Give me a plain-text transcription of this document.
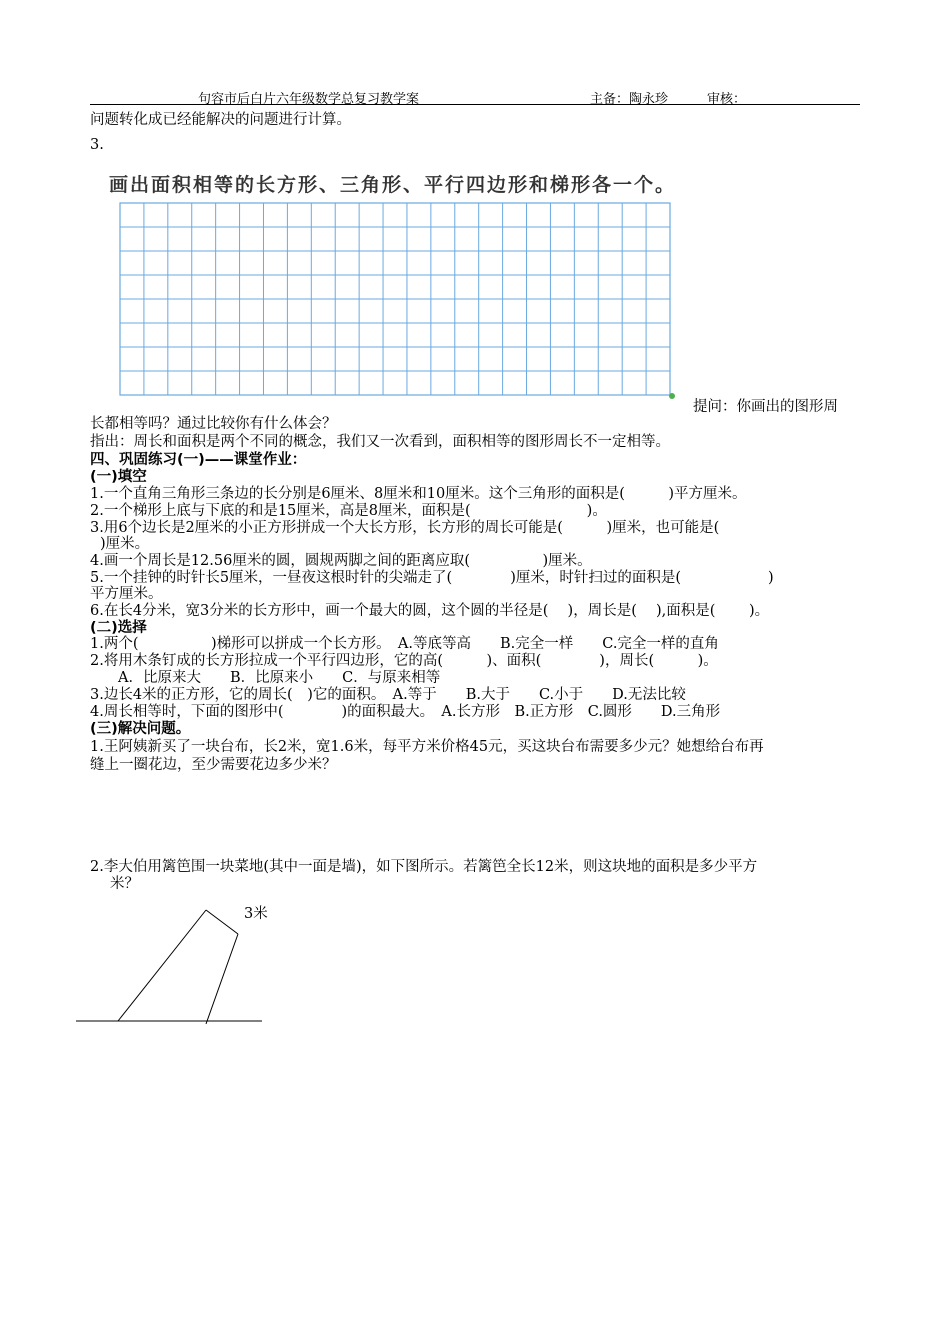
句容市后白片六年级数学总复习教学案	主备：陶永珍	审核：
问题转化成已经能解决的问题进行计算。
3.
画出面积相等的长方形、三角形、平行四边形和梯形各一个。
提问：你画出的图形周
长都相等吗？通过比较你有什么体会？
指出：周长和面积是两个不同的概念，我们又一次看到，面积相等的图形周长不一定相等。
四、巩固练习(一)——课堂作业：
(一)填空
1.一个直角三角形三条边的长分别是6厘米、8厘米和10厘米。这个三角形的面积是(　　　)平方厘米。
2.一个梯形上底与下底的和是15厘米，高是8厘米，面积是(　　　　　　　　)。
3.用6个边长是2厘米的小正方形拼成一个大长方形，长方形的周长可能是(　　　)厘米，也可能是(
)厘米。
4.画一个周长是12.56厘米的圆，圆规两脚之间的距离应取(　　　　　)厘米。
5.一个挂钟的时针长5厘米，一昼夜这根时针的尖端走了(　　　　)厘米，时针扫过的面积是(　　　　　　)
平方厘米。
6.在长4分米，宽3分米的长方形中，画一个最大的圆，这个圆的半径是(　 )，周长是(　 ),面积是(　 　)。
(二)选择
1.两个(　　　　　)梯形可以拼成一个长方形。　A.等底等高　　B.完全一样　　C.完全一样的直角
2.将用木条钉成的长方形拉成一个平行四边形，它的高(　　　)、面积(　　　　)，周长(　　　)。
A．比原来大　　B．比原来小　　C．与原来相等
3.边长4米的正方形，它的周长(　)它的面积。　A.等于　　B.大于　　C.小于　　D.无法比较
4.周长相等时，下面的图形中(　　　　)的面积最大。　A.长方形　B.正方形　C.圆形　　D.三角形
(三)解决问题。
1.王阿姨新买了一块台布，长2米，宽1.6米，每平方米价格45元，买这块台布需要多少元？她想给台布再
缝上一圈花边，至少需要花边多少米？
2.李大伯用篱笆围一块菜地(其中一面是墙)，如下图所示。若篱笆全长12米，则这块地的面积是多少平方
米？
3米
